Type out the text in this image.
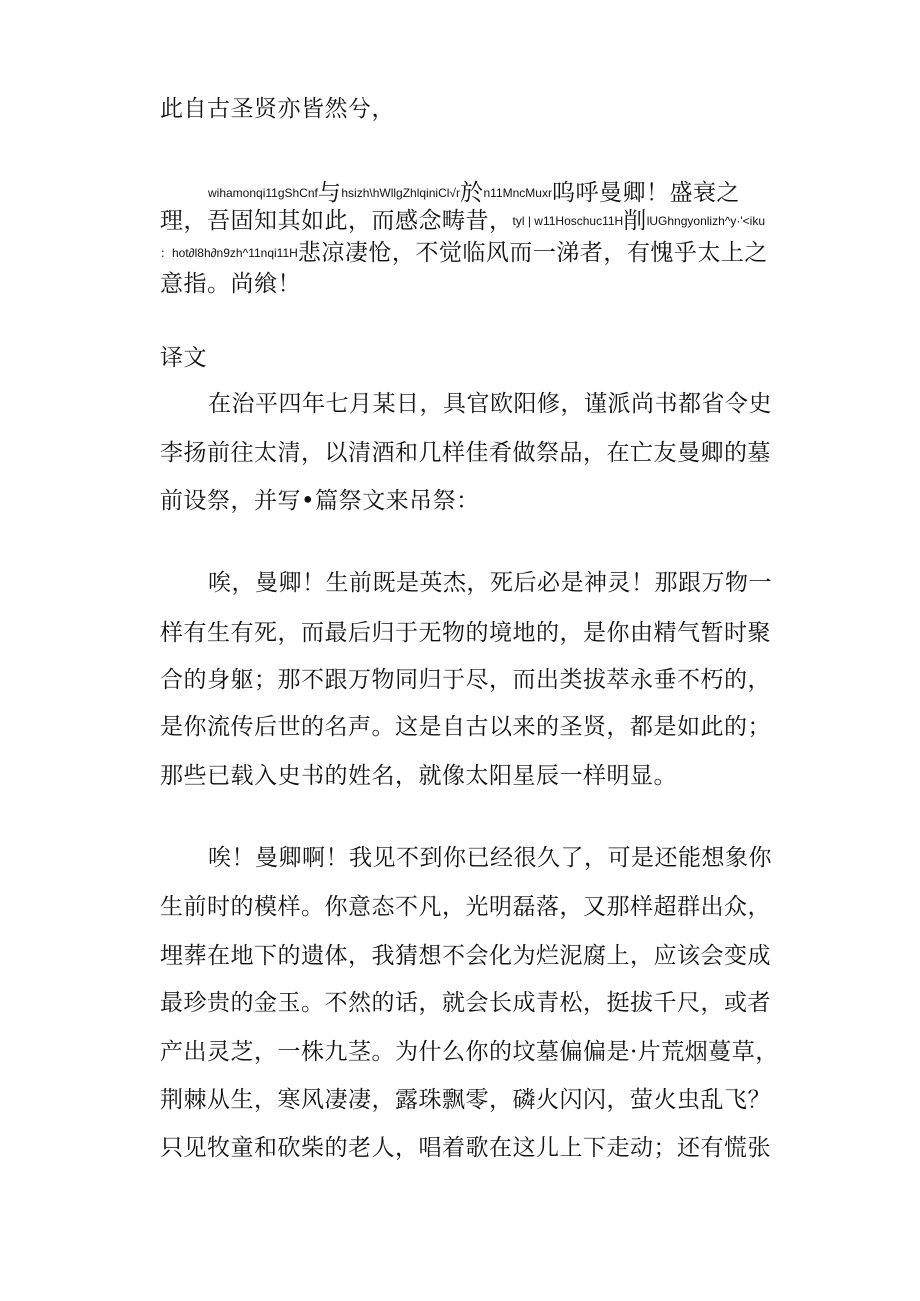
此自古圣贤亦皆然兮，
wihamonqi11gShCnf与hsizh\hWllgZhlqiniCl√r於n11MncMuxr呜呼曼卿！盛衰之
理，吾固知其如此，而感念畴昔，tyl | w11Hoschuc11H削lUGhngyonlizh^y·'<iku
：hot∂l8h∂n9zh^11nqi11H悲凉凄怆，不觉临风而一涕者，有愧乎太上之
意指。尚飨！
译文
在治平四年七月某日，具官欧阳修，谨派尚书都省令史
李扬前往太清，以清酒和几样佳肴做祭品，在亡友曼卿的墓
前设祭，并写•篇祭文来吊祭：
唉，曼卿！生前既是英杰，死后必是神灵！那跟万物一
样有生有死，而最后归于无物的境地的，是你由精气暂时聚
合的身躯；那不跟万物同归于尽，而出类拔萃永垂不朽的，
是你流传后世的名声。这是自古以来的圣贤，都是如此的；
那些已载入史书的姓名，就像太阳星辰一样明显。
唉！曼卿啊！我见不到你已经很久了，可是还能想象你
生前时的模样。你意态不凡，光明磊落，又那样超群出众，
埋葬在地下的遗体，我猜想不会化为烂泥腐上，应该会变成
最珍贵的金玉。不然的话，就会长成青松，挺拔千尺，或者
产出灵芝，一株九茎。为什么你的坟墓偏偏是·片荒烟蔓草，
荆棘从生，寒风凄凄，露珠飘零，磷火闪闪，萤火虫乱飞？
只见牧童和砍柴的老人，唱着歌在这儿上下走动；还有慌张
